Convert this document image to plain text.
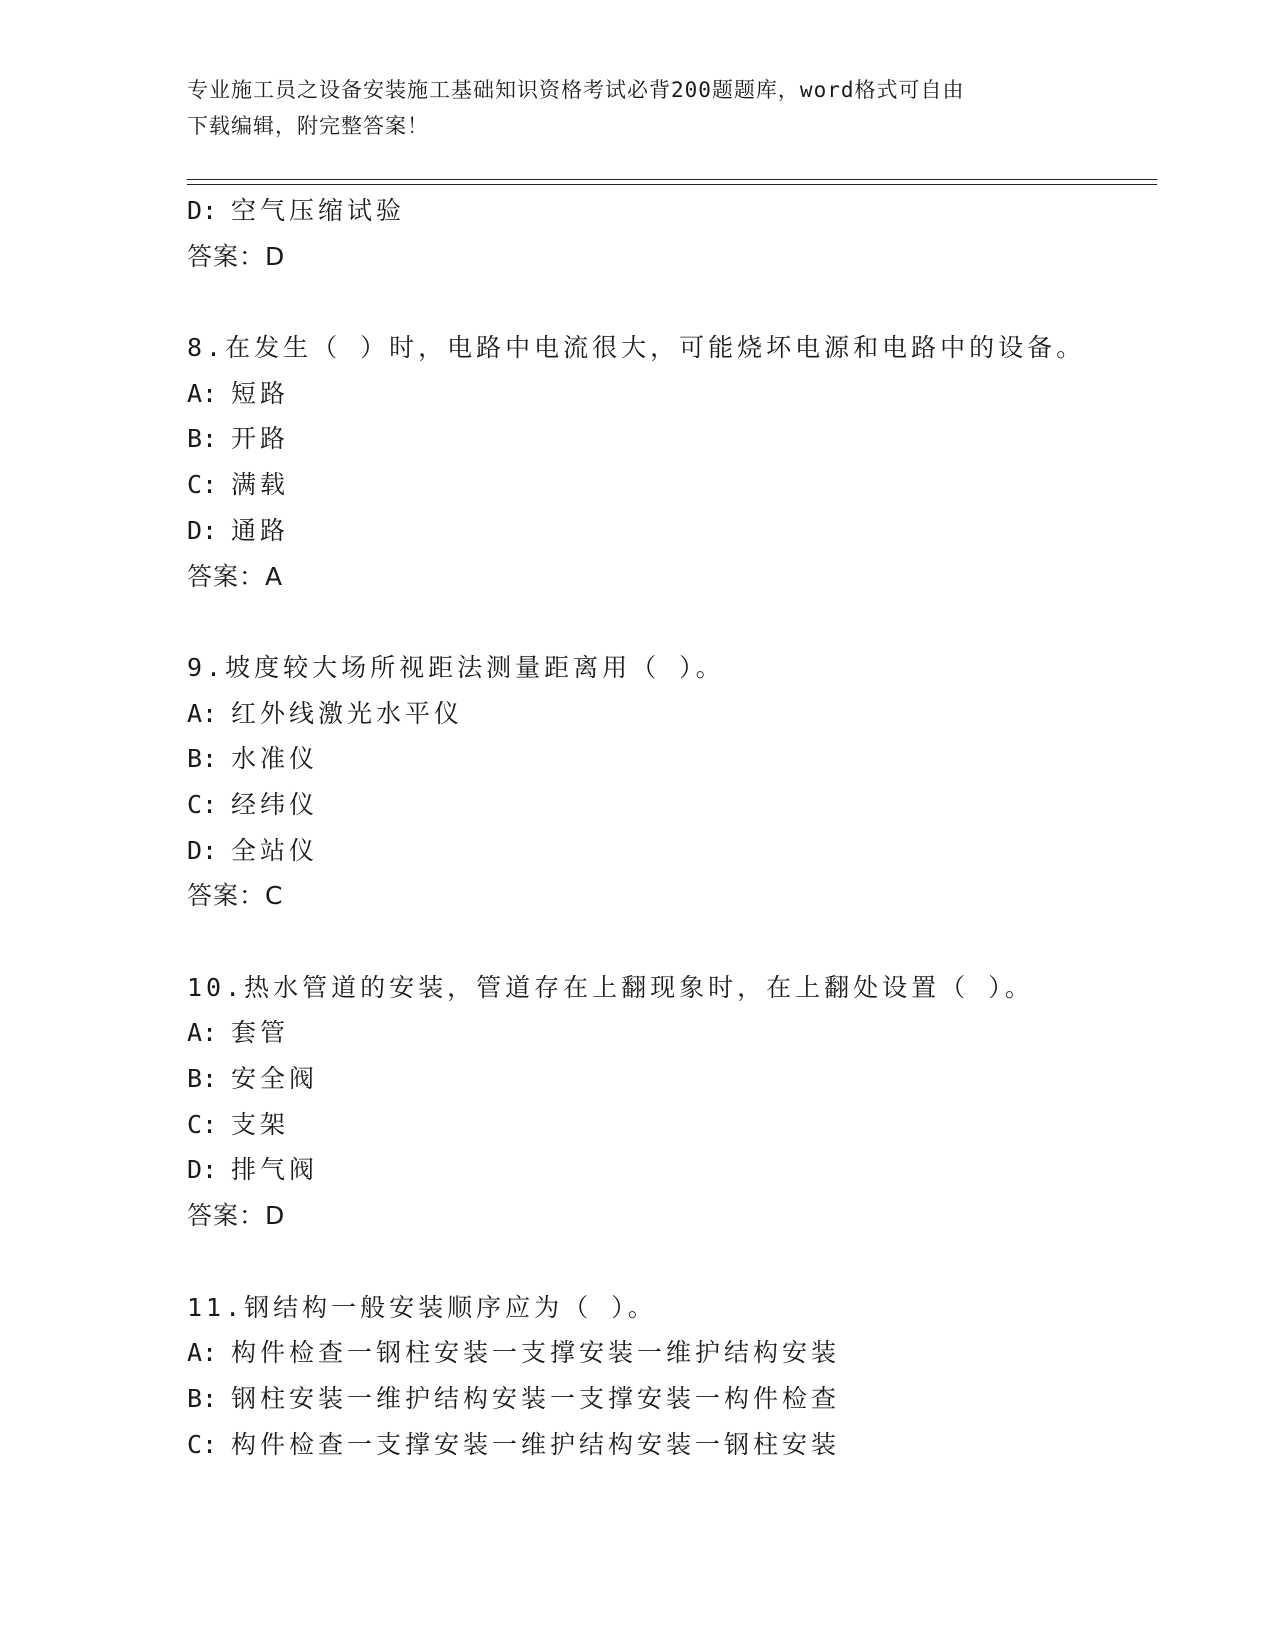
专业施工员之设备安装施工基础知识资格考试必背200题题库，word格式可自由
下载编辑，附完整答案！
D: 空气压缩试验
答案：D
8.在发生（ ）时，电路中电流很大，可能烧坏电源和电路中的设备。
A: 短路
B: 开路
C: 满载
D: 通路
答案：A
9.坡度较大场所视距法测量距离用（ ）。
A: 红外线激光水平仪
B: 水准仪
C: 经纬仪
D: 全站仪
答案：C
10.热水管道的安装，管道存在上翻现象时，在上翻处设置（ ）。
A: 套管
B: 安全阀
C: 支架
D: 排气阀
答案：D
11.钢结构一般安装顺序应为（ ）。
A: 构件检查一钢柱安装一支撑安装一维护结构安装
B: 钢柱安装一维护结构安装一支撑安装一构件检查
C: 构件检查一支撑安装一维护结构安装一钢柱安装
